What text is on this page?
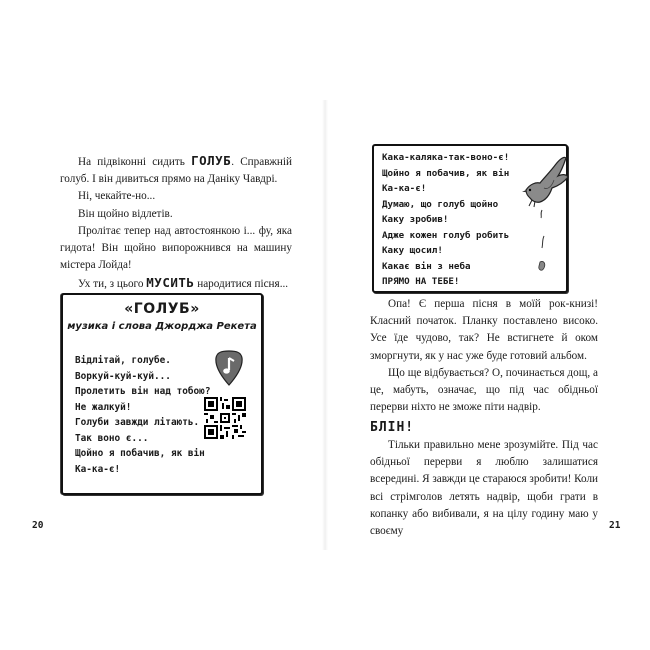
На підвіконні сидить ГОЛУБ. Справжній голуб. І він дивиться прямо на Даніку Чавдрі.

Ні, чекайте-но...

Він щойно відлетів.

Пролітає тепер над автостоянкою і... фу, яка гидота! Він щойно випорожнився на машину містера Лойда!

Ух ти, з цього МУСИТЬ народитися пісня...

«ГОЛУБ»
музика і слова Джорджа Рекета
Відлітай, голубе.
Воркуй-куй-куй...
Пролетить він над тобою?
Не жалкуй!
Голуби завжди літають.
Так воно є...
Щойно я побачив, як він
Ка-ка-є!
20
Кака-каляка-так-воно-є!
Щойно я побачив, як він
Ка-ка-є!
Думаю, що голуб щойно
Каку зробив!
Адже кожен голуб робить
Каку щосил!
Какає він з неба
ПРЯМО НА ТЕБЕ!

Опа! Є перша пісня в моїй рок-книзі! Класний початок. Планку поставлено високо. Усе їде чудово, так? Не встигнете й оком зморгнути, як у нас уже буде готовий альбом.

Що ще відбувається? О, починається дощ, а це, мабуть, означає, що під час обідньої перерви ніхто не зможе піти надвір.

БЛІН!

Тільки правильно мене зрозумійте. Під час обідньої перерви я люблю залишатися всередині. Я завжди це стараюся зробити! Коли всі стрімголов летять надвір, щоби грати в копанку або вибивали, я на цілу годину маю у своєму	21
